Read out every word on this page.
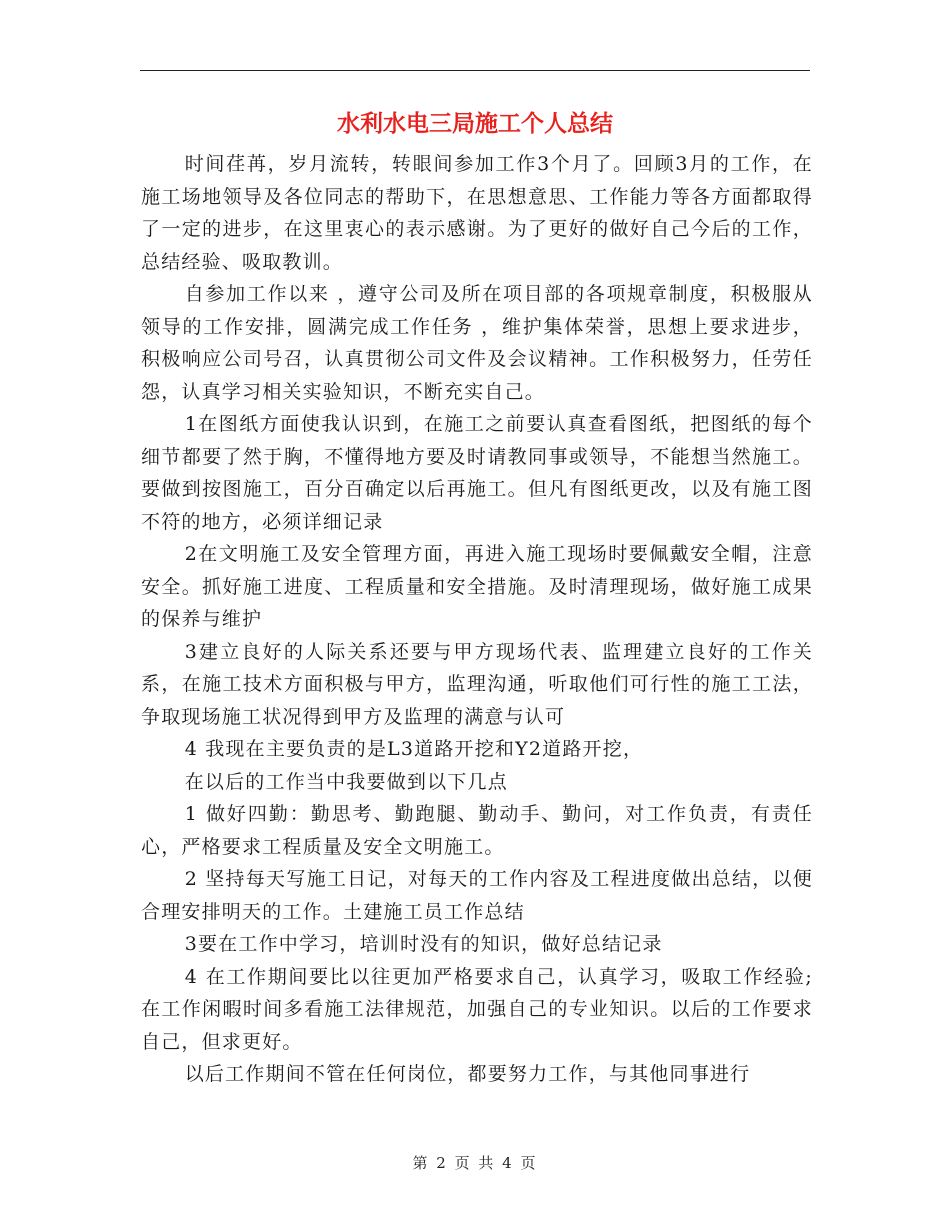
水利水电三局施工个人总结

时间荏苒，岁月流转，转眼间参加工作3个月了。回顾3月的工作，在施工场地领导及各位同志的帮助下，在思想意思、工作能力等各方面都取得了一定的进步，在这里衷心的表示感谢。为了更好的做好自己今后的工作，总结经验、吸取教训。

自参加工作以来 ，遵守公司及所在项目部的各项规章制度，积极服从领导的工作安排，圆满完成工作任务 ，维护集体荣誉，思想上要求进步，积极响应公司号召，认真贯彻公司文件及会议精神。工作积极努力，任劳任怨，认真学习相关实验知识，不断充实自己。

1在图纸方面使我认识到，在施工之前要认真查看图纸，把图纸的每个细节都要了然于胸，不懂得地方要及时请教同事或领导，不能想当然施工。要做到按图施工，百分百确定以后再施工。但凡有图纸更改，以及有施工图不符的地方，必须详细记录

2在文明施工及安全管理方面，再进入施工现场时要佩戴安全帽，注意安全。抓好施工进度、工程质量和安全措施。及时清理现场，做好施工成果的保养与维护

3建立良好的人际关系还要与甲方现场代表、监理建立良好的工作关系，在施工技术方面积极与甲方，监理沟通，听取他们可行性的施工工法，争取现场施工状况得到甲方及监理的满意与认可

4 我现在主要负责的是L3道路开挖和Y2道路开挖，

在以后的工作当中我要做到以下几点

1 做好四勤：勤思考、勤跑腿、勤动手、勤问，对工作负责，有责任心，严格要求工程质量及安全文明施工。

2 坚持每天写施工日记，对每天的工作内容及工程进度做出总结，以便合理安排明天的工作。土建施工员工作总结

3要在工作中学习，培训时没有的知识，做好总结记录

4 在工作期间要比以往更加严格要求自己，认真学习，吸取工作经验;在工作闲暇时间多看施工法律规范，加强自己的专业知识。以后的工作要求自己，但求更好。

以后工作期间不管在任何岗位，都要努力工作，与其他同事进行

第 2 页 共 4 页
